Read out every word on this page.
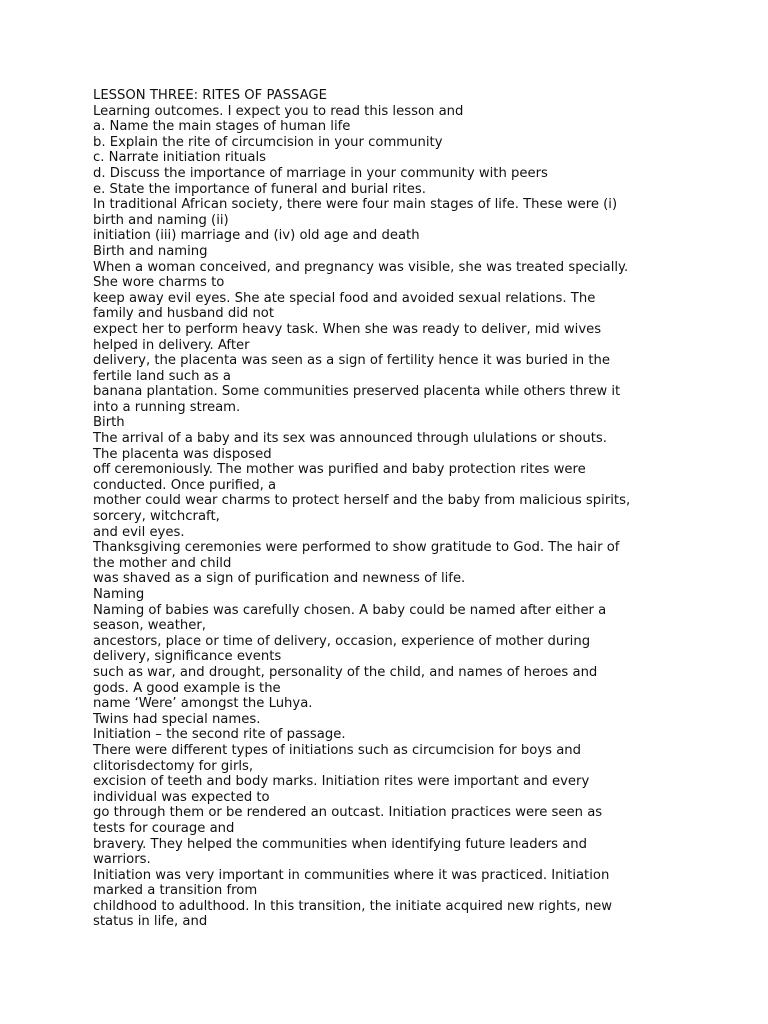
LESSON THREE: RITES OF PASSAGE
Learning outcomes. I expect you to read this lesson and
a. Name the main stages of human life
b. Explain the rite of circumcision in your community
c. Narrate initiation rituals
d. Discuss the importance of marriage in your community with peers
e. State the importance of funeral and burial rites.
In traditional African society, there were four main stages of life. These were (i)
birth and naming (ii)
initiation (iii) marriage and (iv) old age and death
Birth and naming
When a woman conceived, and pregnancy was visible, she was treated specially.
She wore charms to
keep away evil eyes. She ate special food and avoided sexual relations. The
family and husband did not
expect her to perform heavy task. When she was ready to deliver, mid wives
helped in delivery. After
delivery, the placenta was seen as a sign of fertility hence it was buried in the
fertile land such as a
banana plantation. Some communities preserved placenta while others threw it
into a running stream.
Birth
The arrival of a baby and its sex was announced through ululations or shouts.
The placenta was disposed
off ceremoniously. The mother was purified and baby protection rites were
conducted. Once purified, a
mother could wear charms to protect herself and the baby from malicious spirits,
sorcery, witchcraft,
and evil eyes.
Thanksgiving ceremonies were performed to show gratitude to God. The hair of
the mother and child
was shaved as a sign of purification and newness of life.
Naming
Naming of babies was carefully chosen. A baby could be named after either a
season, weather,
ancestors, place or time of delivery, occasion, experience of mother during
delivery, significance events
such as war, and drought, personality of the child, and names of heroes and
gods. A good example is the
name ‘Were’ amongst the Luhya.
Twins had special names.
Initiation – the second rite of passage.
There were different types of initiations such as circumcision for boys and
clitorisdectomy for girls,
excision of teeth and body marks. Initiation rites were important and every
individual was expected to
go through them or be rendered an outcast. Initiation practices were seen as
tests for courage and
bravery. They helped the communities when identifying future leaders and
warriors.
Initiation was very important in communities where it was practiced. Initiation
marked a transition from
childhood to adulthood. In this transition, the initiate acquired new rights, new
status in life, and
